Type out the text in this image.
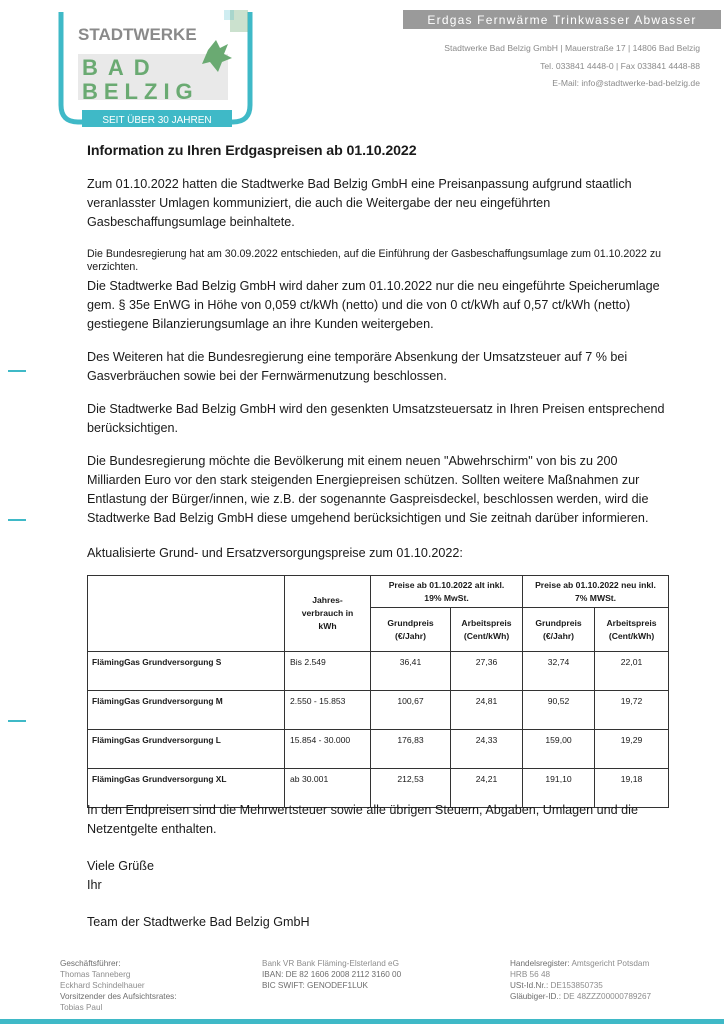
STADTWERKE
BAD
BELZIG
SEIT ÜBER 30 JAHREN
Erdgas Fernwärme Trinkwasser Abwasser
Stadtwerke Bad Belzig GmbH | Mauerstraße 17 | 14806 Bad Belzig
Tel. 033841 4448-0 | Fax 033841 4448-88
E-Mail: info@stadtwerke-bad-belzig.de
Information zu Ihren Erdgaspreisen ab 01.10.2022

Zum 01.10.2022 hatten die Stadtwerke Bad Belzig GmbH eine Preisanpassung aufgrund staatlich veranlasster Umlagen kommuniziert, die auch die Weitergabe der neu eingeführten Gasbeschaffungsumlage beinhaltete.

Die Bundesregierung hat am 30.09.2022 entschieden, auf die Einführung der Gasbeschaffungsumlage zum 01.10.2022 zu verzichten.

Die Stadtwerke Bad Belzig GmbH wird daher zum 01.10.2022 nur die neu eingeführte Speicherumlage gem. § 35e EnWG in Höhe von 0,059 ct/kWh (netto) und die von 0 ct/kWh auf 0,57 ct/kWh (netto) gestiegene Bilanzierungsumlage an ihre Kunden weitergeben.

Des Weiteren hat die Bundesregierung eine temporäre Absenkung der Umsatzsteuer auf 7 % bei Gasverbräuchen sowie bei der Fernwärmenutzung beschlossen.

Die Stadtwerke Bad Belzig GmbH wird den gesenkten Umsatzsteuersatz in Ihren Preisen entsprechend berücksichtigen.

Die Bundesregierung möchte die Bevölkerung mit einem neuen "Abwehrschirm" von bis zu 200 Milliarden Euro vor den stark steigenden Energiepreisen schützen. Sollten weitere Maßnahmen zur Entlastung der Bürger/innen, wie z.B. der sogenannte Gaspreisdeckel, beschlossen werden, wird die Stadtwerke Bad Belzig GmbH diese umgehend berücksichtigen und Sie zeitnah darüber informieren.

Aktualisierte Grund- und Ersatzversorgungspreise zum 01.10.2022:

	Jahres-verbrauch in kWh	Preise ab 01.10.2022 alt inkl. 19% MwSt.		Preise ab 01.10.2022 neu inkl. 7% MWSt.	
		Grundpreis (€/Jahr)	Arbeitspreis (Cent/kWh)	Grundpreis (€/Jahr)	Arbeitspreis (Cent/kWh)
FlämingGas Grundversorgung S	Bis 2.549	36,41	27,36	32,74	22,01
FlämingGas Grundversorgung M	2.550 - 15.853	100,67	24,81	90,52	19,72
FlämingGas Grundversorgung L	15.854 - 30.000	176,83	24,33	159,00	19,29
FlämingGas Grundversorgung XL	ab 30.001	212,53	24,21	191,10	19,18

In den Endpreisen sind die Mehrwertsteuer sowie alle übrigen Steuern, Abgaben, Umlagen und die Netzentgelte enthalten.

Viele Grüße

Ihr

Team der Stadtwerke Bad Belzig GmbH

Geschäftsführer:
Thomas Tanneberg
Eckhard Schindelhauer
Vorsitzender des Aufsichtsrates:
Tobias Paul
Bank VR Bank Fläming-Elsterland eG
IBAN: DE 82 1606 2008 2112 3160 00
BIC SWIFT: GENODEF1LUK
Handelsregister: Amtsgericht Potsdam
HRB 56 48
USt-Id.Nr.: DE153850735
Gläubiger-ID.: DE 48ZZZ00000789267
